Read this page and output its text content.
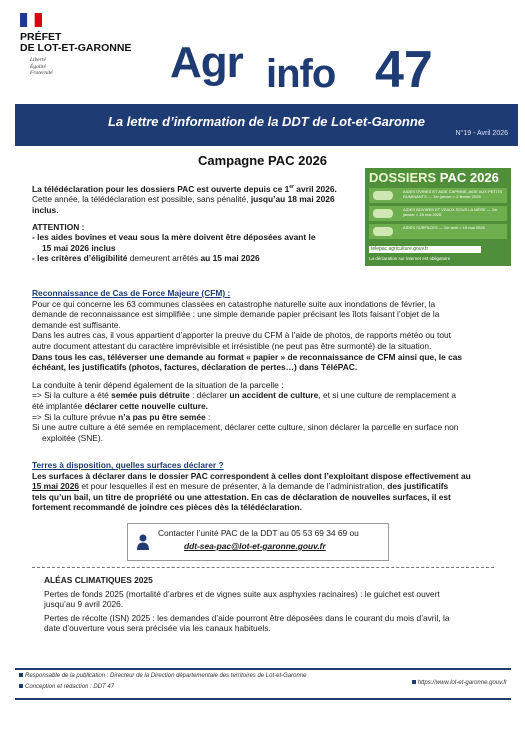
PRÉFET
DE LOT-ET-GARONNE
Liberté
Égalité
Fraternité	Agr info 47
La lettre d’information de la DDT de Lot-et-Garonne
N°19 - Avril 2026
Campagne PAC 2026
La télédéclaration pour les dossiers PAC est ouverte depuis ce 1er avril 2026.
Cette année, la télédéclaration est possible, sans pénalité, jusqu’au 18 mai 2026 inclus.
ATTENTION :
- les aides bovines et veau sous la mère doivent être déposées avant le
15 mai 2026 inclus
- les critères d’éligibilité demeurent arrêtés au 15 mai 2026
DOSSIERS PAC 2026
AIDES OVINES ET AIDE CAPRINE, AIDE AUX PETITS RUMINANTS — 1er janvier > 2 février 2026
AIDES BOVINES ET VEAUX SOUS LA MÈRE — 1er janvier > 15 mai 2026
AIDES SURFACES — 1er avril > 18 mai 2026
telepac.agriculture.gouv.fr
La déclaration sur internet est obligatoire
Reconnaissance de Cas de Force Majeure (CFM) :
Pour ce qui concerne les 63 communes classées en catastrophe naturelle suite aux inondations de février, la
demande de reconnaissance est simplifiée : une simple demande papier précisant les îlots faisant l’objet de la
demande est suffisante.
Dans les autres cas, il vous appartient d’apporter la preuve du CFM à l’aide de photos, de rapports météo ou tout
autre document attestant du caractère imprévisible et irrésistible (ne peut pas être surmonté) de la situation.
Dans tous les cas, téléverser une demande au format « papier » de reconnaissance de CFM ainsi que, le cas
échéant, les justificatifs (photos, factures, déclaration de pertes…) dans TéléPAC.
La conduite à tenir dépend également de la situation de la parcelle :
=> Si la culture a été semée puis détruite : déclarer un accident de culture, et si une culture de remplacement a
été implantée déclarer cette nouvelle culture.
=> Si la culture prévue n’a pas pu être semée :
Si une autre culture a été semée en remplacement, déclarer cette culture, sinon déclarer la parcelle en surface non
exploitée (SNE).
Terres à disposition, quelles surfaces déclarer ?
Les surfaces à déclarer dans le dossier PAC correspondent à celles dont l’exploitant dispose effectivement au
15 mai 2026 et pour lesquelles il est en mesure de présenter, à la demande de l’administration, des justificatifs
tels qu’un bail, un titre de propriété ou une attestation. En cas de déclaration de nouvelles surfaces, il est
fortement recommandé de joindre ces pièces dès la télédéclaration.
Contacter l’unité PAC de la DDT au 05 53 69 34 69 ou
ddt-sea-pac@lot-et-garonne.gouv.fr
ALÉAS CLIMATIQUES 2025
Pertes de fonds 2025 (mortalité d’arbres et de vignes suite aux asphyxies racinaires) : le guichet est ouvert
jusqu’au 9 avril 2026.
Pertes de récolte (ISN) 2025 : les demandes d’aide pourront être déposées dans le courant du mois d’avril, la
date d’ouverture vous sera précisée via les canaux habituels.
Responsable de la publication : Directeur de la Direction départementale des territoires de Lot-et-Garonne
Conception et rédaction : DDT 47
https://www.lot-et-garonne.gouv.fr
